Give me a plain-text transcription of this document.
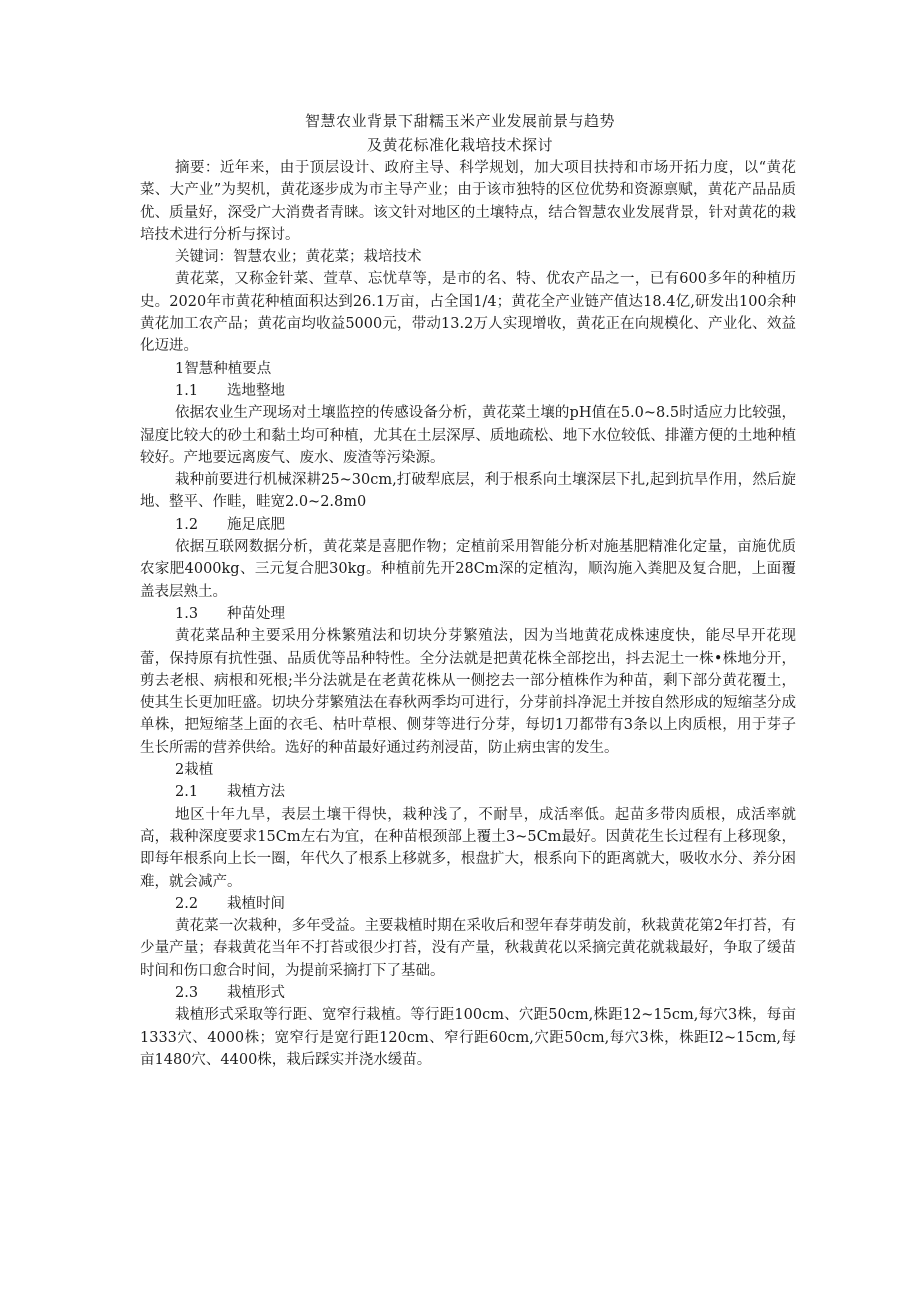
智慧农业背景下甜糯玉米产业发展前景与趋势
及黄花标准化栽培技术探讨

摘要：近年来，由于顶层设计、政府主导、科学规划，加大项目扶持和市场开拓力度，以“黄花菜、大产业”为契机，黄花逐步成为市主导产业；由于该市独特的区位优势和资源禀赋，黄花产品品质优、质量好，深受广大消费者青睐。该文针对地区的土壤特点，结合智慧农业发展背景，针对黄花的栽培技术进行分析与探讨。

关键词：智慧农业；黄花菜；栽培技术

黄花菜，又称金针菜、萱草、忘忧草等，是市的名、特、优农产品之一，已有600多年的种植历史。2020年市黄花种植面积达到26.1万亩，占全国1/4；黄花全产业链产值达18.4亿,研发出100余种黄花加工农产品；黄花亩均收益5000元，带动13.2万人实现增收，黄花正在向规模化、产业化、效益化迈进。

1智慧种植要点

1.1 选地整地

依据农业生产现场对土壤监控的传感设备分析，黄花菜土壤的pH值在5.0~8.5时适应力比较强，湿度比较大的砂土和黏土均可种植，尤其在土层深厚、质地疏松、地下水位较低、排灌方便的土地种植较好。产地要远离废气、废水、废渣等污染源。

栽种前要进行机械深耕25~30cm,打破犁底层，利于根系向土壤深层下扎,起到抗旱作用，然后旋地、整平、作畦，畦宽2.0~2.8m0

1.2 施足底肥

依据互联网数据分析，黄花菜是喜肥作物；定植前采用智能分析对施基肥精准化定量，亩施优质农家肥4000kg、三元复合肥30kg。种植前先开28Cm深的定植沟，顺沟施入粪肥及复合肥，上面覆盖表层熟土。

1.3 种苗处理

黄花菜品种主要采用分株繁殖法和切块分芽繁殖法，因为当地黄花成株速度快，能尽早开花现蕾，保持原有抗性强、品质优等品种特性。全分法就是把黄花株全部挖出，抖去泥土一株•株地分开，剪去老根、病根和死根;半分法就是在老黄花株从一侧挖去一部分植株作为种苗，剩下部分黄花覆土，使其生长更加旺盛。切块分芽繁殖法在春秋两季均可进行，分芽前抖净泥土并按自然形成的短缩茎分成单株，把短缩茎上面的衣毛、枯叶草根、侧芽等进行分芽，每切1刀都带有3条以上肉质根，用于芽子生长所需的营养供给。选好的种苗最好通过药剂浸苗，防止病虫害的发生。

2栽植

2.1 栽植方法

地区十年九旱，表层土壤干得快，栽种浅了，不耐旱，成活率低。起苗多带肉质根，成活率就高，栽种深度要求15Cm左右为宜，在种苗根颈部上覆土3~5Cm最好。因黄花生长过程有上移现象，即每年根系向上长一圈，年代久了根系上移就多，根盘扩大，根系向下的距离就大，吸收水分、养分困难，就会减产。

2.2 栽植时间

黄花菜一次栽种，多年受益。主要栽植时期在采收后和翌年春芽萌发前，秋栽黄花第2年打苔，有少量产量；春栽黄花当年不打苔或很少打苔，没有产量，秋栽黄花以采摘完黄花就栽最好，争取了缓苗时间和伤口愈合时间，为提前采摘打下了基础。

2.3 栽植形式

栽植形式采取等行距、宽窄行栽植。等行距100cm、穴距50cm,株距12~15cm,每穴3株，每亩1333穴、4000株；宽窄行是宽行距120cm、窄行距60cm,穴距50cm,每穴3株，株距I2~15cm,每亩1480穴、4400株，栽后踩实并浇水缓苗。
